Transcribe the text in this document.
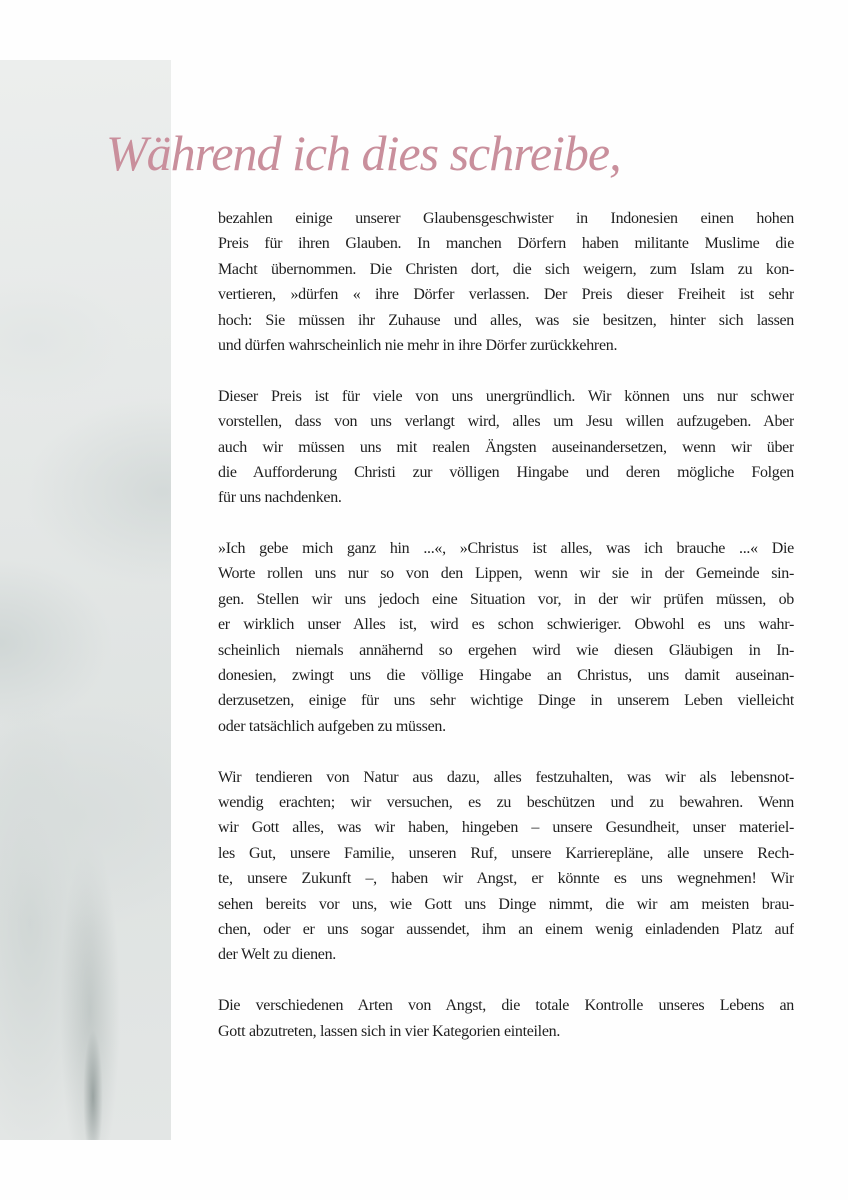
Während ich dies schreibe,
bezahlen einige unserer Glaubensgeschwister in Indonesien einen hohen
Preis für ihren Glauben. In manchen Dörfern haben militante Muslime die
Macht übernommen. Die Christen dort, die sich weigern, zum Islam zu kon-
vertieren, »dürfen « ihre Dörfer verlassen. Der Preis dieser Freiheit ist sehr
hoch: Sie müssen ihr Zuhause und alles, was sie besitzen, hinter sich lassen
und dürfen wahrscheinlich nie mehr in ihre Dörfer zurückkehren.
Dieser Preis ist für viele von uns unergründlich. Wir können uns nur schwer
vorstellen, dass von uns verlangt wird, alles um Jesu willen aufzugeben. Aber
auch wir müssen uns mit realen Ängsten auseinandersetzen, wenn wir über
die Aufforderung Christi zur völligen Hingabe und deren mögliche Folgen
für uns nachdenken.
»Ich gebe mich ganz hin ...«, »Christus ist alles, was ich brauche ...« Die
Worte rollen uns nur so von den Lippen, wenn wir sie in der Gemeinde sin-
gen. Stellen wir uns jedoch eine Situation vor, in der wir prüfen müssen, ob
er wirklich unser Alles ist, wird es schon schwieriger. Obwohl es uns wahr-
scheinlich niemals annähernd so ergehen wird wie diesen Gläubigen in In-
donesien, zwingt uns die völlige Hingabe an Christus, uns damit auseinan-
derzusetzen, einige für uns sehr wichtige Dinge in unserem Leben vielleicht
oder tatsächlich aufgeben zu müssen.
Wir tendieren von Natur aus dazu, alles festzuhalten, was wir als lebensnot-
wendig erachten; wir versuchen, es zu beschützen und zu bewahren. Wenn
wir Gott alles, was wir haben, hingeben – unsere Gesundheit, unser materiel-
les Gut, unsere Familie, unseren Ruf, unsere Karrierepläne, alle unsere Rech-
te, unsere Zukunft –, haben wir Angst, er könnte es uns wegnehmen! Wir
sehen bereits vor uns, wie Gott uns Dinge nimmt, die wir am meisten brau-
chen, oder er uns sogar aussendet, ihm an einem wenig einladenden Platz auf
der Welt zu dienen.
Die verschiedenen Arten von Angst, die totale Kontrolle unseres Lebens an
Gott abzutreten, lassen sich in vier Kategorien einteilen.
